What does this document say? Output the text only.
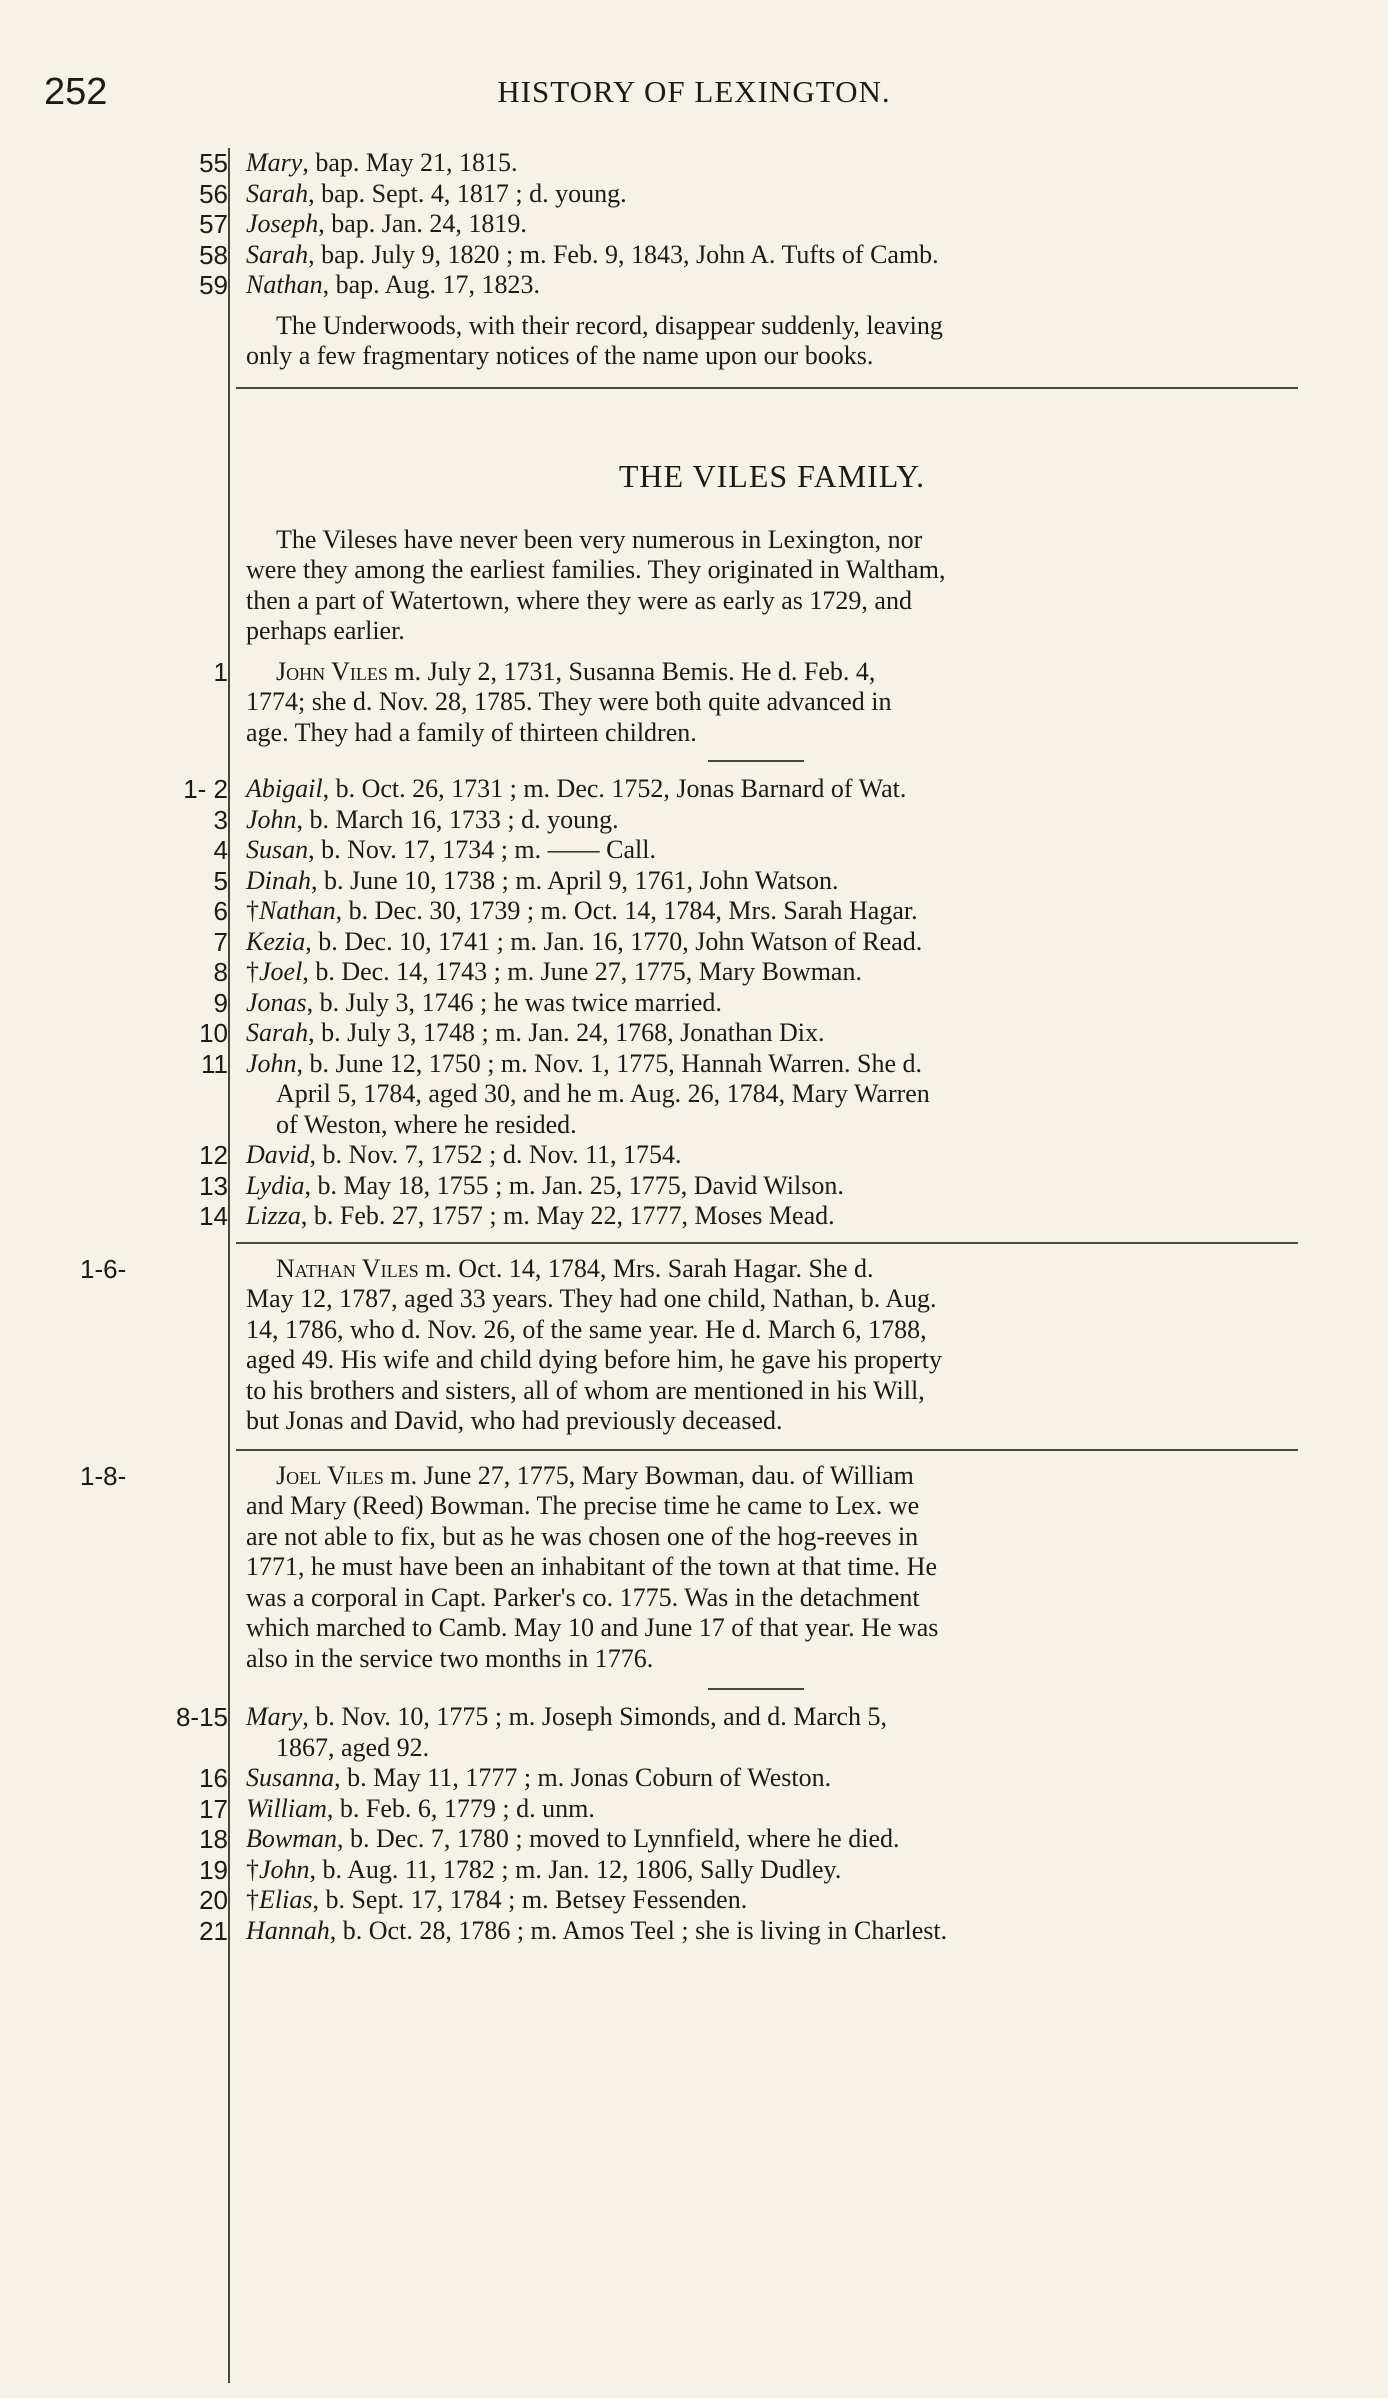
252	HISTORY OF LEXINGTON.
Mary, bap. May 21, 1815.
55
Sarah, bap. Sept. 4, 1817 ; d. young.
56
Joseph, bap. Jan. 24, 1819.
57
Sarah, bap. July 9, 1820 ; m. Feb. 9, 1843, John A. Tufts of Camb.
58
Nathan, bap. Aug. 17, 1823.
59
The Underwoods, with their record, disappear suddenly, leaving
only a few fragmentary notices of the name upon our books.
THE VILES FAMILY.
The Vileses have never been very numerous in Lexington, nor
were they among the earliest families. They originated in Waltham,
then a part of Watertown, where they were as early as 1729, and
perhaps earlier.
John Viles m. July 2, 1731, Susanna Bemis. He d. Feb. 4,
1
1774; she d. Nov. 28, 1785. They were both quite advanced in
age. They had a family of thirteen children.
Abigail, b. Oct. 26, 1731 ; m. Dec. 1752, Jonas Barnard of Wat.
1- 2
John, b. March 16, 1733 ; d. young.
3
Susan, b. Nov. 17, 1734 ; m. —— Call.
4
Dinah, b. June 10, 1738 ; m. April 9, 1761, John Watson.
5
†Nathan, b. Dec. 30, 1739 ; m. Oct. 14, 1784, Mrs. Sarah Hagar.
6
Kezia, b. Dec. 10, 1741 ; m. Jan. 16, 1770, John Watson of Read.
7
†Joel, b. Dec. 14, 1743 ; m. June 27, 1775, Mary Bowman.
8
Jonas, b. July 3, 1746 ; he was twice married.
9
Sarah, b. July 3, 1748 ; m. Jan. 24, 1768, Jonathan Dix.
10
John, b. June 12, 1750 ; m. Nov. 1, 1775, Hannah Warren. She d.
11
April 5, 1784, aged 30, and he m. Aug. 26, 1784, Mary Warren
of Weston, where he resided.
David, b. Nov. 7, 1752 ; d. Nov. 11, 1754.
12
Lydia, b. May 18, 1755 ; m. Jan. 25, 1775, David Wilson.
13
Lizza, b. Feb. 27, 1757 ; m. May 22, 1777, Moses Mead.
14
Nathan Viles m. Oct. 14, 1784, Mrs. Sarah Hagar. She d.
1-6-
May 12, 1787, aged 33 years. They had one child, Nathan, b. Aug.
14, 1786, who d. Nov. 26, of the same year. He d. March 6, 1788,
aged 49. His wife and child dying before him, he gave his property
to his brothers and sisters, all of whom are mentioned in his Will,
but Jonas and David, who had previously deceased.
Joel Viles m. June 27, 1775, Mary Bowman, dau. of William
1-8-
and Mary (Reed) Bowman. The precise time he came to Lex. we
are not able to fix, but as he was chosen one of the hog-reeves in
1771, he must have been an inhabitant of the town at that time. He
was a corporal in Capt. Parker's co. 1775. Was in the detachment
which marched to Camb. May 10 and June 17 of that year. He was
also in the service two months in 1776.
Mary, b. Nov. 10, 1775 ; m. Joseph Simonds, and d. March 5,
8-15
1867, aged 92.
Susanna, b. May 11, 1777 ; m. Jonas Coburn of Weston.
16
William, b. Feb. 6, 1779 ; d. unm.
17
Bowman, b. Dec. 7, 1780 ; moved to Lynnfield, where he died.
18
†John, b. Aug. 11, 1782 ; m. Jan. 12, 1806, Sally Dudley.
19
†Elias, b. Sept. 17, 1784 ; m. Betsey Fessenden.
20
Hannah, b. Oct. 28, 1786 ; m. Amos Teel ; she is living in Charlest.
21
